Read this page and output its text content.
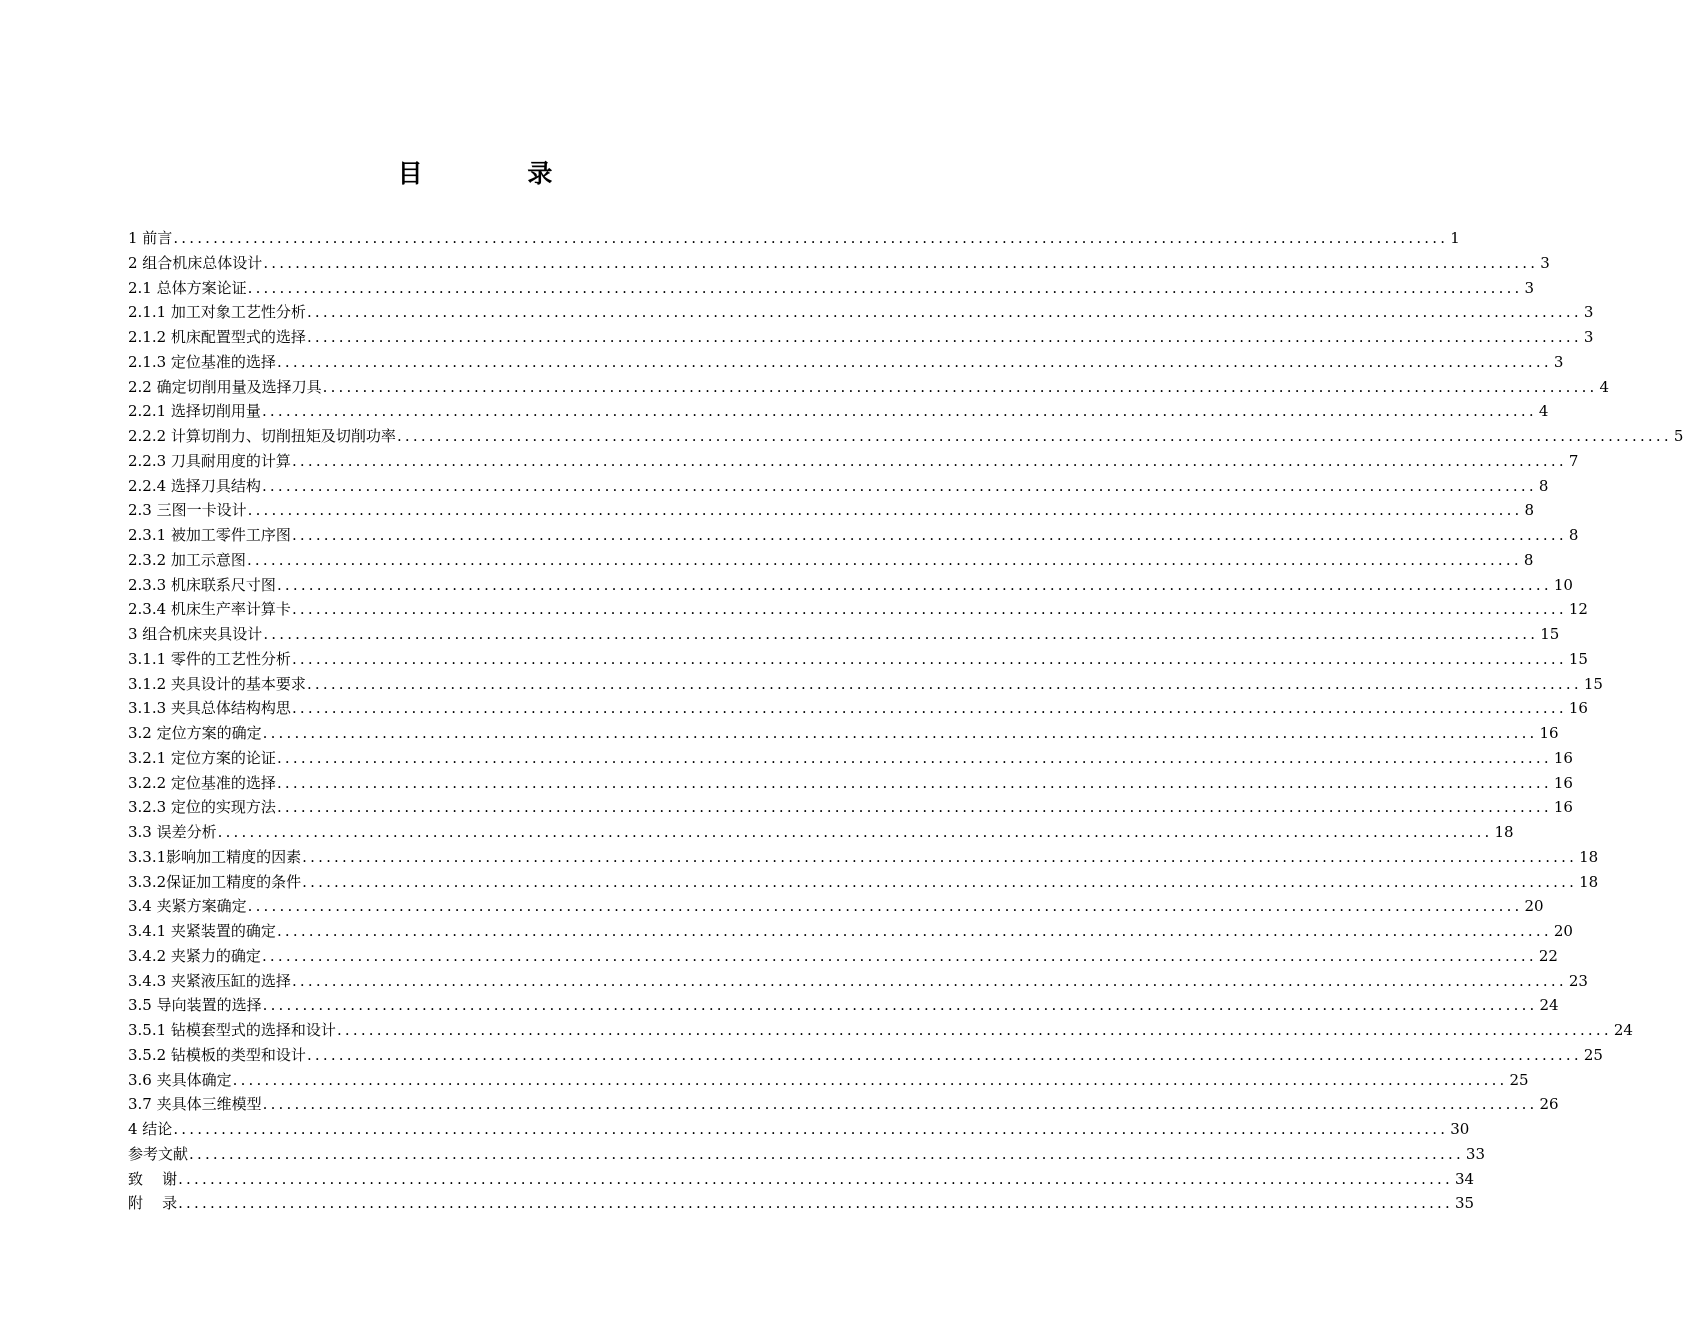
目 录
1 前言 ................................................................................................................................................................ 1
2 组合机床总体设计 ................................................................................................................................................................ 3
2.1 总体方案论证 ................................................................................................................................................................ 3
2.1.1 加工对象工艺性分析 ................................................................................................................................................................ 3
2.1.2 机床配置型式的选择 ................................................................................................................................................................ 3
2.1.3 定位基准的选择 ................................................................................................................................................................ 3
2.2 确定切削用量及选择刀具 ................................................................................................................................................................ 4
2.2.1 选择切削用量 ................................................................................................................................................................ 4
2.2.2 计算切削力、切削扭矩及切削功率 ................................................................................................................................................................ 5
2.2.3 刀具耐用度的计算 ................................................................................................................................................................ 7
2.2.4 选择刀具结构 ................................................................................................................................................................ 8
2.3 三图一卡设计 ................................................................................................................................................................ 8
2.3.1 被加工零件工序图 ................................................................................................................................................................ 8
2.3.2 加工示意图 ................................................................................................................................................................ 8
2.3.3 机床联系尺寸图 ................................................................................................................................................................ 10
2.3.4 机床生产率计算卡 ................................................................................................................................................................ 12
3 组合机床夹具设计 ................................................................................................................................................................ 15
3.1.1 零件的工艺性分析 ................................................................................................................................................................ 15
3.1.2 夹具设计的基本要求 ................................................................................................................................................................ 15
3.1.3 夹具总体结构构思 ................................................................................................................................................................ 16
3.2 定位方案的确定 ................................................................................................................................................................ 16
3.2.1 定位方案的论证 ................................................................................................................................................................ 16
3.2.2 定位基准的选择 ................................................................................................................................................................ 16
3.2.3 定位的实现方法 ................................................................................................................................................................ 16
3.3 误差分析 ................................................................................................................................................................ 18
3.3.1影响加工精度的因素 ................................................................................................................................................................ 18
3.3.2保证加工精度的条件 ................................................................................................................................................................ 18
3.4 夹紧方案确定 ................................................................................................................................................................ 20
3.4.1 夹紧装置的确定 ................................................................................................................................................................ 20
3.4.2 夹紧力的确定 ................................................................................................................................................................ 22
3.4.3 夹紧液压缸的选择 ................................................................................................................................................................ 23
3.5 导向装置的选择 ................................................................................................................................................................ 24
3.5.1 钻模套型式的选择和设计 ................................................................................................................................................................ 24
3.5.2 钻模板的类型和设计 ................................................................................................................................................................ 25
3.6 夹具体确定 ................................................................................................................................................................ 25
3.7 夹具体三维模型 ................................................................................................................................................................ 26
4 结论 ................................................................................................................................................................ 30
参考文献 ................................................................................................................................................................ 33
致    谢 ................................................................................................................................................................ 34
附    录 ................................................................................................................................................................ 35
